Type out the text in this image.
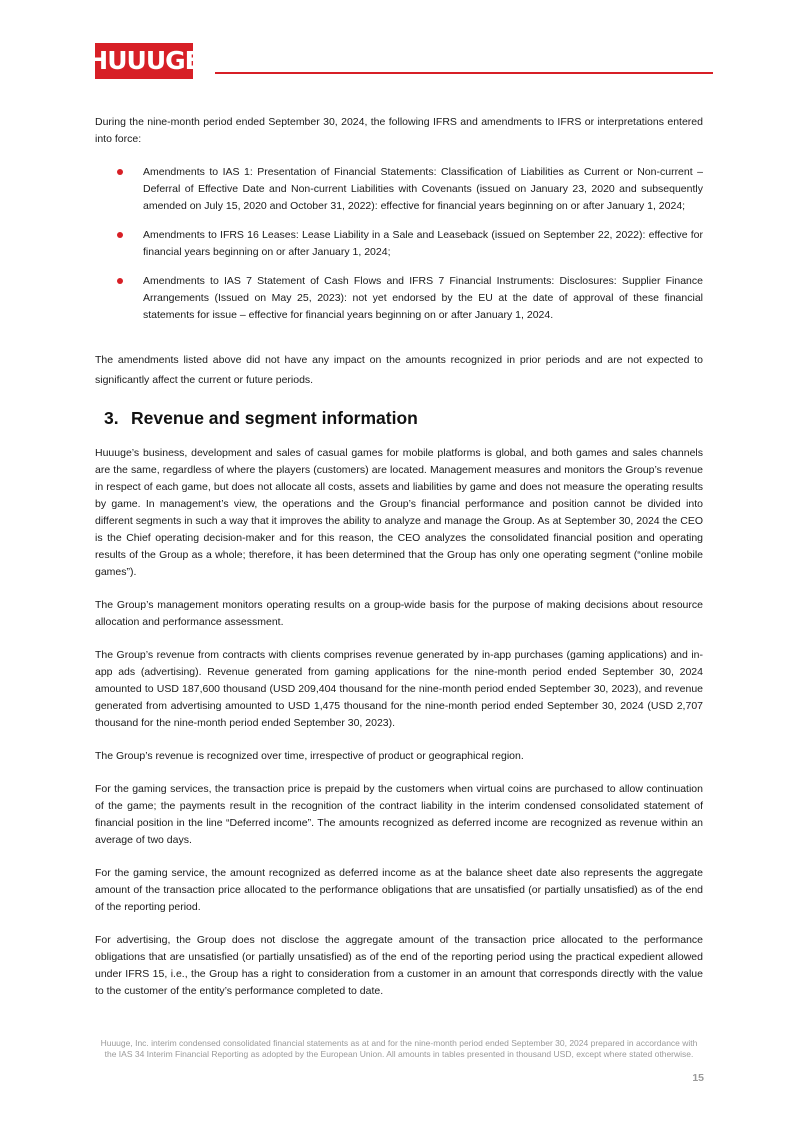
HUUUGE

During the nine-month period ended September 30, 2024, the following IFRS and amendments to IFRS or interpretations entered into force:

Amendments to IAS 1: Presentation of Financial Statements: Classification of Liabilities as Current or Non-current – Deferral of Effective Date and Non-current Liabilities with Covenants (issued on January 23, 2020 and subsequently amended on July 15, 2020 and October 31, 2022): effective for financial years beginning on or after January 1, 2024;
Amendments to IFRS 16 Leases: Lease Liability in a Sale and Leaseback (issued on September 22, 2022): effective for financial years beginning on or after January 1, 2024;
Amendments to IAS 7 Statement of Cash Flows and IFRS 7 Financial Instruments: Disclosures: Supplier Finance Arrangements (Issued on May 25, 2023): not yet endorsed by the EU at the date of approval of these financial statements for issue – effective for financial years beginning on or after January 1, 2024.

The amendments listed above did not have any impact on the amounts recognized in prior periods and are not expected to significantly affect the current or future periods.

3. Revenue and segment information

Huuuge’s business, development and sales of casual games for mobile platforms is global, and both games and sales channels are the same, regardless of where the players (customers) are located. Management measures and monitors the Group’s revenue in respect of each game, but does not allocate all costs, assets and liabilities by game and does not measure the operating results by game. In management’s view, the operations and the Group’s financial performance and position cannot be divided into different segments in such a way that it improves the ability to analyze and manage the Group. As at September 30, 2024 the CEO is the Chief operating decision-maker and for this reason, the CEO analyzes the consolidated financial position and operating results of the Group as a whole; therefore, it has been determined that the Group has only one operating segment (“online mobile games”).

The Group’s management monitors operating results on a group-wide basis for the purpose of making decisions about resource allocation and performance assessment.

The Group’s revenue from contracts with clients comprises revenue generated by in-app purchases (gaming applications) and in-app ads (advertising). Revenue generated from gaming applications for the nine-month period ended September 30, 2024 amounted to USD 187,600 thousand (USD 209,404 thousand for the nine-month period ended September 30, 2023), and revenue generated from advertising amounted to USD 1,475 thousand for the nine-month period ended September 30, 2024 (USD 2,707 thousand for the nine-month period ended September 30, 2023).

The Group’s revenue is recognized over time, irrespective of product or geographical region.

For the gaming services, the transaction price is prepaid by the customers when virtual coins are purchased to allow continuation of the game; the payments result in the recognition of the contract liability in the interim condensed consolidated statement of financial position in the line “Deferred income”. The amounts recognized as deferred income are recognized as revenue within an average of two days.

For the gaming service, the amount recognized as deferred income as at the balance sheet date also represents the aggregate amount of the transaction price allocated to the performance obligations that are unsatisfied (or partially unsatisfied) as of the end of the reporting period.

For advertising, the Group does not disclose the aggregate amount of the transaction price allocated to the performance obligations that are unsatisfied (or partially unsatisfied) as of the end of the reporting period using the practical expedient allowed under IFRS 15, i.e., the Group has a right to consideration from a customer in an amount that corresponds directly with the value to the customer of the entity’s performance completed to date.

Huuuge, Inc. interim condensed consolidated financial statements as at and for the nine-month period ended September 30, 2024 prepared in accordance with the IAS 34 Interim Financial Reporting as adopted by the European Union. All amounts in tables presented in thousand USD, except where stated otherwise.
15
